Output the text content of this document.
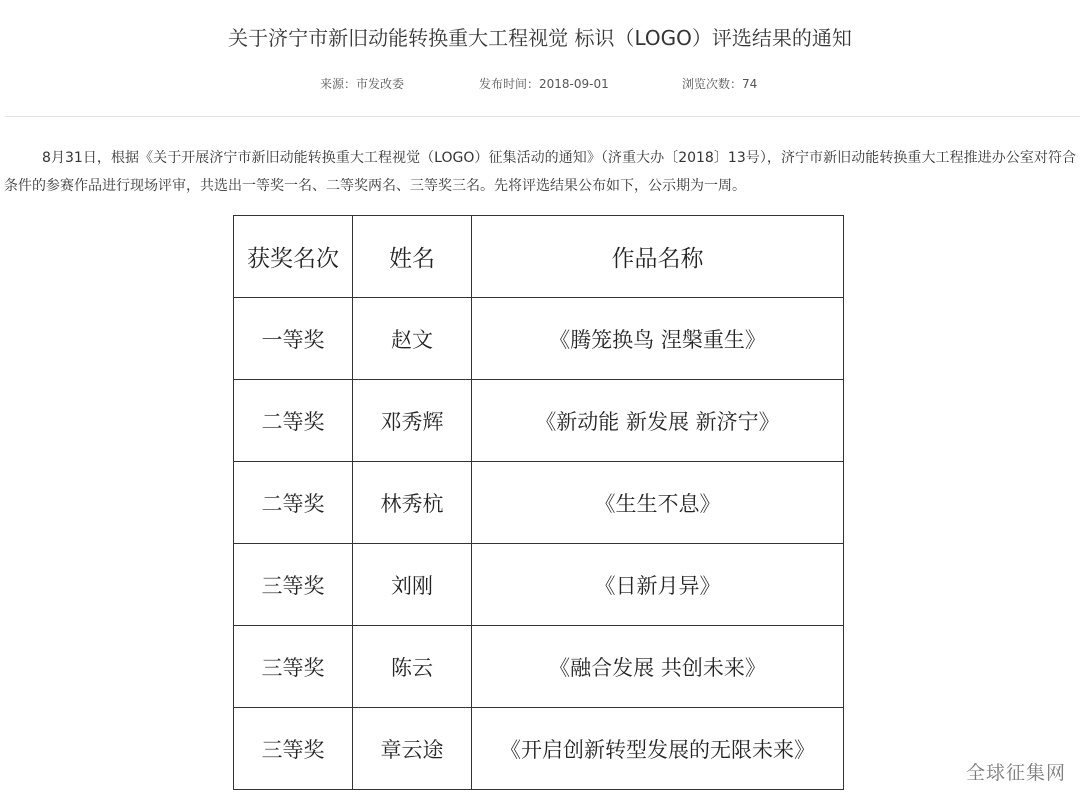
关于济宁市新旧动能转换重大工程视觉 标识（LOGO）评选结果的通知
来源：市发改委	发布时间：2018-09-01	浏览次数：74

8月31日，根据《关于开展济宁市新旧动能转换重大工程视觉（LOGO）征集活动的通知》（济重大办〔2018〕13号），济宁市新旧动能转换重大工程推进办公室对符合条件的参赛作品进行现场评审，共选出一等奖一名、二等奖两名、三等奖三名。先将评选结果公布如下，公示期为一周。

获奖名次	姓名	作品名称
一等奖	赵文	《腾笼换鸟 涅槃重生》
二等奖	邓秀辉	《新动能 新发展 新济宁》
二等奖	林秀杭	《生生不息》
三等奖	刘刚	《日新月异》
三等奖	陈云	《融合发展 共创未来》
三等奖	章云途	《开启创新转型发展的无限未来》
全球征集网
